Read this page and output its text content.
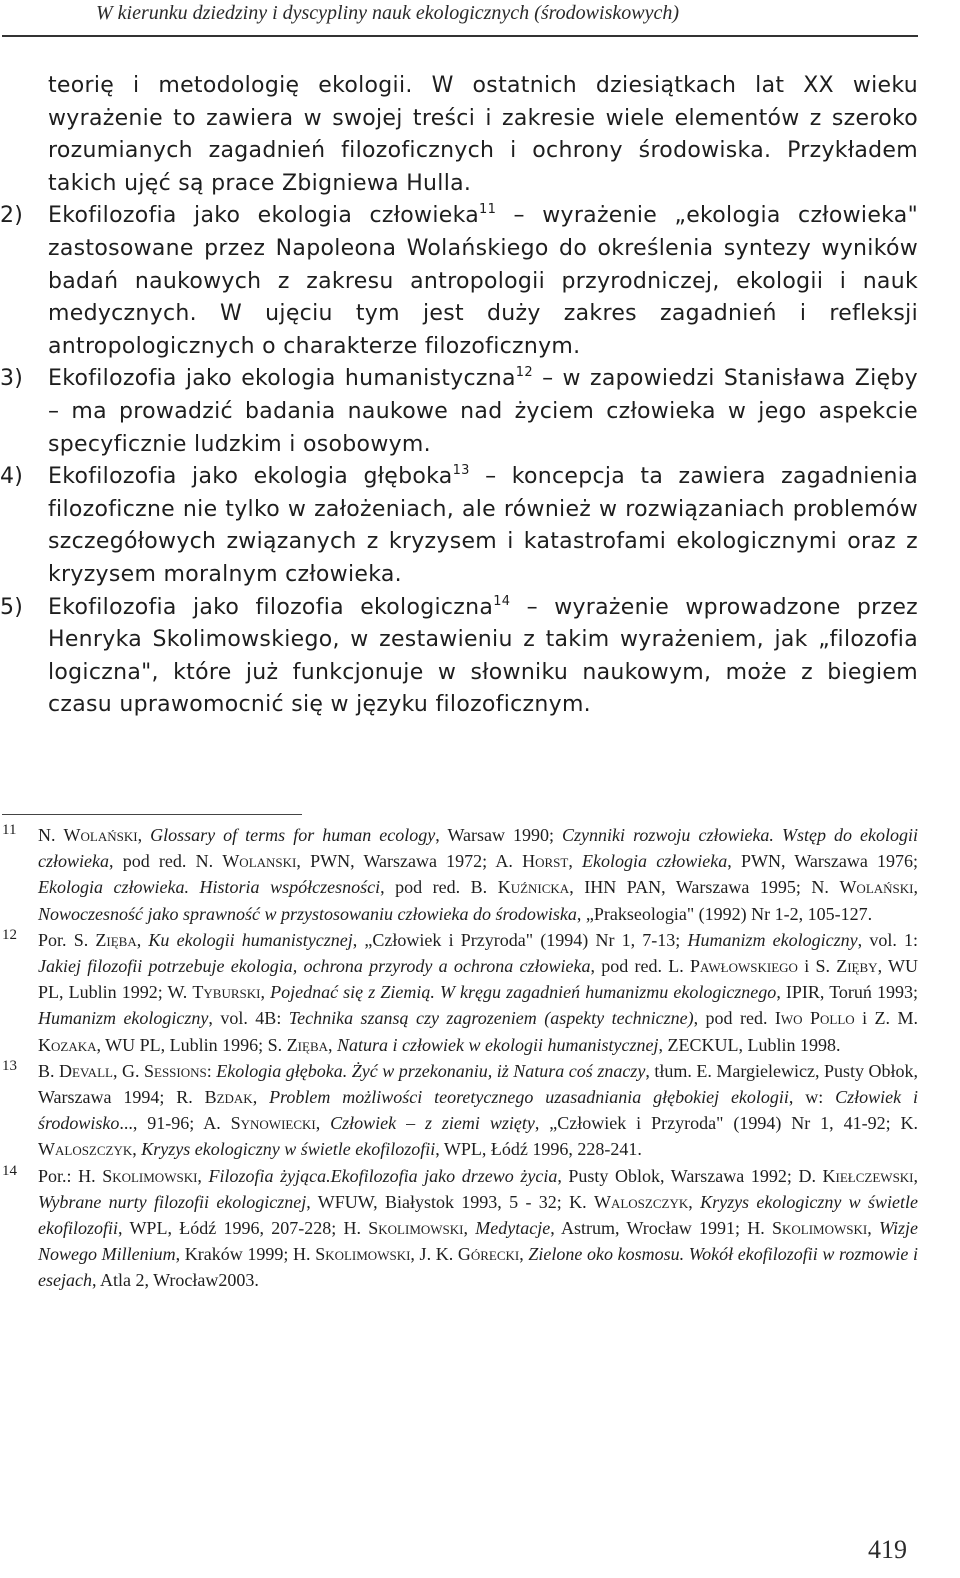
W kierunku dziedziny i dyscypliny nauk ekologicznych (środowiskowych)

teorię i metodologię ekologii. W ostatnich dziesiątkach lat XX wieku wyrażenie to zawiera w swojej treści i zakresie wiele elementów z szeroko rozumianych zagadnień filozoficznych i ochrony środowiska. Przykładem takich ujęć są prace Zbigniewa Hulla.

2) Ekofilozofia jako ekologia człowieka$^{11}$ – wyrażenie „ekologia człowieka" zastosowane przez Napoleona Wolańskiego do określenia syntezy wyników badań naukowych z zakresu antropologii przyrodniczej, ekologii i nauk medycznych. W ujęciu tym jest duży zakres zagadnień i refleksji antropologicznych o charakterze filozoficznym.
3) Ekofilozofia jako ekologia humanistyczna$^{12}$ – w zapowiedzi Stanisława Zięby – ma prowadzić badania naukowe nad życiem człowieka w jego aspekcie specyficznie ludzkim i osobowym.
4) Ekofilozofia jako ekologia głęboka$^{13}$ – koncepcja ta zawiera zagadnienia filozoficzne nie tylko w założeniach, ale również w rozwiązaniach problemów szczegółowych związanych z kryzysem i katastrofami ekologicznymi oraz z kryzysem moralnym człowieka.
5) Ekofilozofia jako filozofia ekologiczna$^{14}$ – wyrażenie wprowadzone przez Henryka Skolimowskiego, w zestawieniu z takim wyrażeniem, jak „filozofia logiczna", które już funkcjonuje w słowniku naukowym, może z biegiem czasu uprawomocnić się w języku filozoficznym.
11 N. Wolański, Glossary of terms for human ecology, Warsaw 1990; Czynniki rozwoju człowieka. Wstęp do ekologii człowieka, pod red. N. Wolanski, PWN, Warszawa 1972; A. Horst, Ekologia człowieka, PWN, Warszawa 1976; Ekologia człowieka. Historia współczesności, pod red. B. Kuźnicka, IHN PAN, Warszawa 1995; N. Wolański, Nowoczesność jako sprawność w przystosowaniu człowieka do środowiska, „Prakseologia" (1992) Nr 1-2, 105-127.
12 Por. S. Zięba, Ku ekologii humanistycznej, „Człowiek i Przyroda" (1994) Nr 1, 7-13; Humanizm ekologiczny, vol. 1: Jakiej filozofii potrzebuje ekologia, ochrona przyrody a ochrona człowieka, pod red. L. Pawłowskiego i S. Zięby, WU PL, Lublin 1992; W. Tyburski, Pojednać się z Ziemią. W kręgu zagadnień humanizmu ekologicznego, IPIR, Toruń 1993; Humanizm ekologiczny, vol. 4B: Technika szansą czy zagrozeniem (aspekty techniczne), pod red. Iwo Pollo i Z. M. Kozaka, WU PL, Lublin 1996; S. Zięba, Natura i człowiek w ekologii humanistycznej, ZECKUL, Lublin 1998.
13 B. Devall, G. Sessions: Ekologia głęboka. Żyć w przekonaniu, iż Natura coś znaczy, tłum. E. Margielewicz, Pusty Obłok, Warszawa 1994; R. Bzdak, Problem możliwości teoretycznego uzasadniania głębokiej ekologii, w: Człowiek i środowisko..., 91-96; A. Synowiecki, Człowiek – z ziemi wzięty, „Człowiek i Przyroda" (1994) Nr 1, 41-92; K. Waloszczyk, Kryzys ekologiczny w świetle ekofilozofii, WPL, Łódź 1996, 228-241.
14 Por.: H. Skolimowski, Filozofia żyjąca.Ekofilozofia jako drzewo życia, Pusty Oblok, Warszawa 1992; D. Kiełczewski, Wybrane nurty filozofii ekologicznej, WFUW, Białystok 1993, 5 - 32; K. Waloszczyk, Kryzys ekologiczny w świetle ekofilozofii, WPL, Łódź 1996, 207-228; H. Skolimowski, Medytacje, Astrum, Wrocław 1991; H. Skolimowski, Wizje Nowego Millenium, Kraków 1999; H. Skolimowski, J. K. Górecki, Zielone oko kosmosu. Wokół ekofilozofii w rozmowie i esejach, Atla 2, Wrocław2003.
419
